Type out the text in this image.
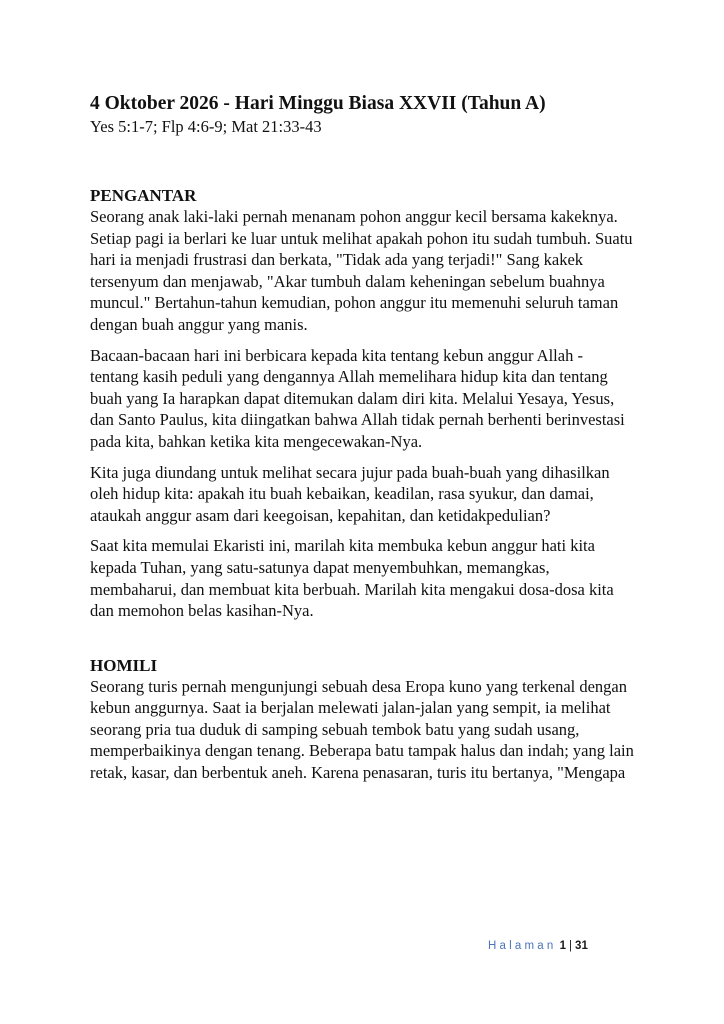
4 Oktober 2026 - Hari Minggu Biasa XXVII (Tahun A)

Yes 5:1-7; Flp 4:6-9; Mat 21:33-43

PENGANTAR

Seorang anak laki-laki pernah menanam pohon anggur kecil bersama kakeknya. Setiap pagi ia berlari ke luar untuk melihat apakah pohon itu sudah tumbuh. Suatu hari ia menjadi frustrasi dan berkata, "Tidak ada yang terjadi!" Sang kakek tersenyum dan menjawab, "Akar tumbuh dalam keheningan sebelum buahnya muncul." Bertahun-tahun kemudian, pohon anggur itu memenuhi seluruh taman dengan buah anggur yang manis.

Bacaan-bacaan hari ini berbicara kepada kita tentang kebun anggur Allah - tentang kasih peduli yang dengannya Allah memelihara hidup kita dan tentang buah yang Ia harapkan dapat ditemukan dalam diri kita. Melalui Yesaya, Yesus, dan Santo Paulus, kita diingatkan bahwa Allah tidak pernah berhenti berinvestasi pada kita, bahkan ketika kita mengecewakan-Nya.

Kita juga diundang untuk melihat secara jujur pada buah-buah yang dihasilkan oleh hidup kita: apakah itu buah kebaikan, keadilan, rasa syukur, dan damai, ataukah anggur asam dari keegoisan, kepahitan, dan ketidakpedulian?

Saat kita memulai Ekaristi ini, marilah kita membuka kebun anggur hati kita kepada Tuhan, yang satu-satunya dapat menyembuhkan, memangkas, membaharui, dan membuat kita berbuah. Marilah kita mengakui dosa-dosa kita dan memohon belas kasihan-Nya.

HOMILI

Seorang turis pernah mengunjungi sebuah desa Eropa kuno yang terkenal dengan kebun anggurnya. Saat ia berjalan melewati jalan-jalan yang sempit, ia melihat seorang pria tua duduk di samping sebuah tembok batu yang sudah usang, memperbaikinya dengan tenang. Beberapa batu tampak halus dan indah; yang lain retak, kasar, dan berbentuk aneh. Karena penasaran, turis itu bertanya, "Mengapa

Halaman 1 | 31
